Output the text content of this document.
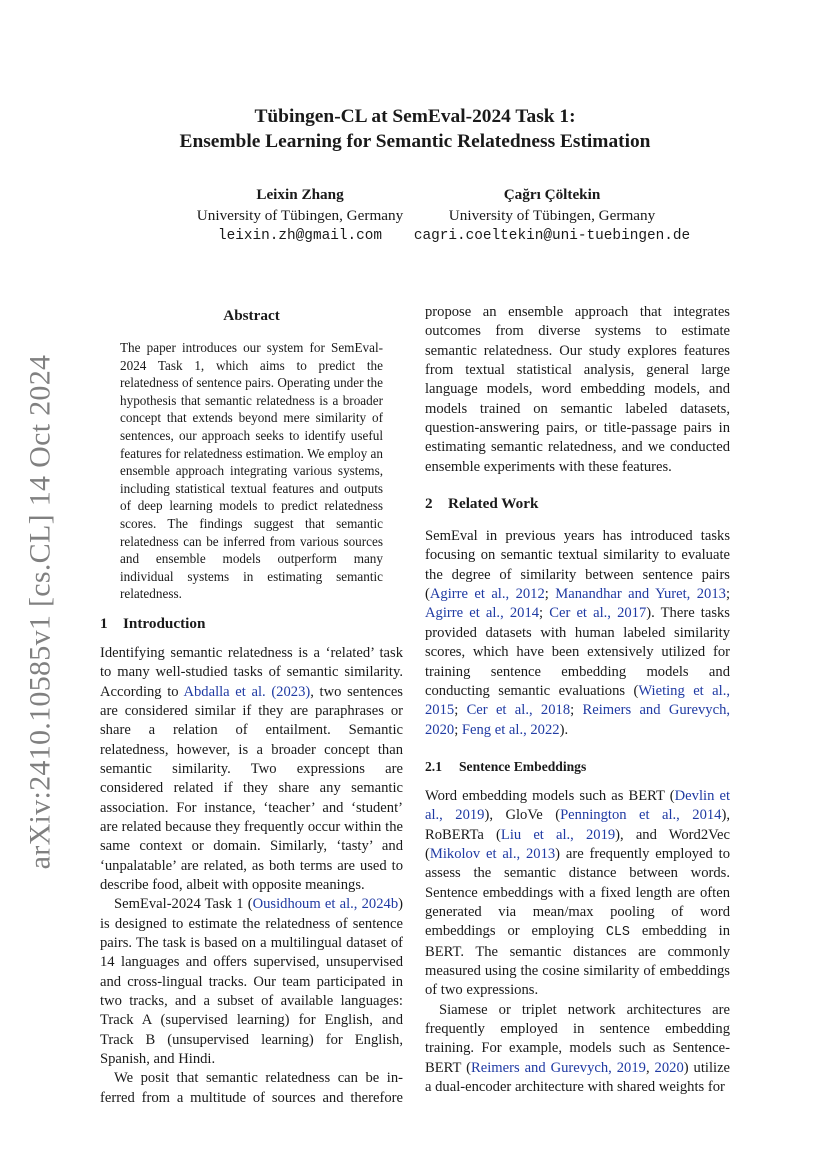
arXiv:2410.10585v1 [cs.CL] 14 Oct 2024
Tübingen-CL at SemEval-2024 Task 1:
Ensemble Learning for Semantic Relatedness Estimation
Leixin Zhang
University of Tübingen, Germany
leixin.zh@gmail.com
Çağrı Çöltekin
University of Tübingen, Germany
cagri.coeltekin@uni-tuebingen.de

Abstract

The paper introduces our system for SemEval-2024 Task 1, which aims to predict the relatedness of sentence pairs. Operating under the hypothesis that semantic relatedness is a broader concept that extends beyond mere similarity of sentences, our approach seeks to identify useful features for relatedness estimation. We employ an ensemble approach integrating various systems, including statistical textual features and outputs of deep learning models to predict relatedness scores. The findings suggest that semantic relatedness can be inferred from various sources and ensemble models outperform many individual systems in estimating semantic relatedness.

1 Introduction

Identifying semantic relatedness is a ‘related’ task to many well-studied tasks of semantic similarity. According to Abdalla et al. (2023), two sentences are considered similar if they are paraphrases or share a relation of entailment. Semantic relatedness, however, is a broader concept than semantic similarity. Two expressions are considered related if they share any semantic association. For instance, ‘teacher’ and ‘student’ are related because they frequently occur within the same context or domain. Similarly, ‘tasty’ and ‘unpalatable’ are related, as both terms are used to describe food, albeit with opposite meanings.

SemEval-2024 Task 1 (Ousidhoum et al., 2024b) is designed to estimate the relatedness of sentence pairs. The task is based on a multilingual dataset of 14 languages and offers supervised, unsupervised and cross-lingual tracks. Our team participated in two tracks, and a subset of available languages: Track A (supervised learning) for English, and Track B (unsupervised learning) for English, Spanish, and Hindi.

We posit that semantic relatedness can be in-
ferred from a multitude of sources and therefore

propose an ensemble approach that integrates outcomes from diverse systems to estimate semantic relatedness. Our study explores features from textual statistical analysis, general large language models, word embedding models, and models trained on semantic labeled datasets, question-answering pairs, or title-passage pairs in estimating semantic relatedness, and we conducted ensemble experiments with these features.

2 Related Work

SemEval in previous years has introduced tasks focusing on semantic textual similarity to evaluate the degree of similarity between sentence pairs (Agirre et al., 2012; Manandhar and Yuret, 2013; Agirre et al., 2014; Cer et al., 2017). There tasks provided datasets with human labeled similarity scores, which have been extensively utilized for training sentence embedding models and conducting semantic evaluations (Wieting et al., 2015; Cer et al., 2018; Reimers and Gurevych, 2020; Feng et al., 2022).

2.1 Sentence Embeddings

Word embedding models such as BERT (Devlin et al., 2019), GloVe (Pennington et al., 2014), RoBERTa (Liu et al., 2019), and Word2Vec (Mikolov et al., 2013) are frequently employed to assess the semantic distance between words. Sentence embeddings with a fixed length are often generated via mean/max pooling of word embeddings or employing CLS embedding in BERT. The semantic distances are commonly measured using the cosine similarity of embeddings of two expressions.

Siamese or triplet network architectures are frequently employed in sentence embedding training. For example, models such as Sentence-BERT (Reimers and Gurevych, 2019, 2020) utilize a dual-encoder architecture with shared weights for
